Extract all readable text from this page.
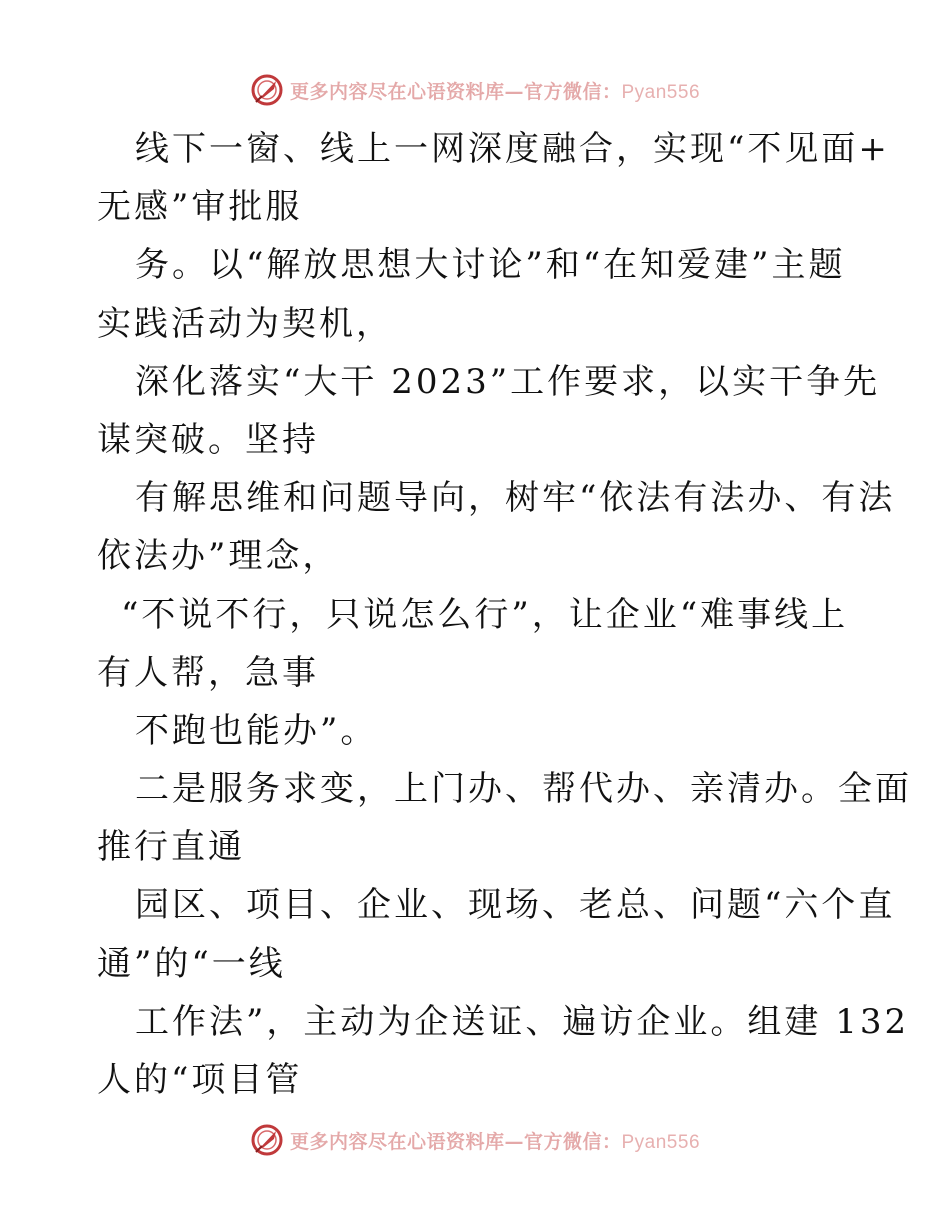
更多内容尽在心语资料库—官方微信：Pyan556
线下一窗、线上一网深度融合，实现“不见面+
无感”审批服
务。以“解放思想大讨论”和“在知爱建”主题
实践活动为契机，
深化落实“大干 2023”工作要求，以实干争先
谋突破。坚持
有解思维和问题导向，树牢“依法有法办、有法
依法办”理念，
“不说不行，只说怎么行”，让企业“难事线上
有人帮，急事
不跑也能办”。
二是服务求变，上门办、帮代办、亲清办。全面
推行直通
园区、项目、企业、现场、老总、问题“六个直
通”的“一线
工作法”，主动为企送证、遍访企业。组建 132
人的“项目管
更多内容尽在心语资料库—官方微信：Pyan556
